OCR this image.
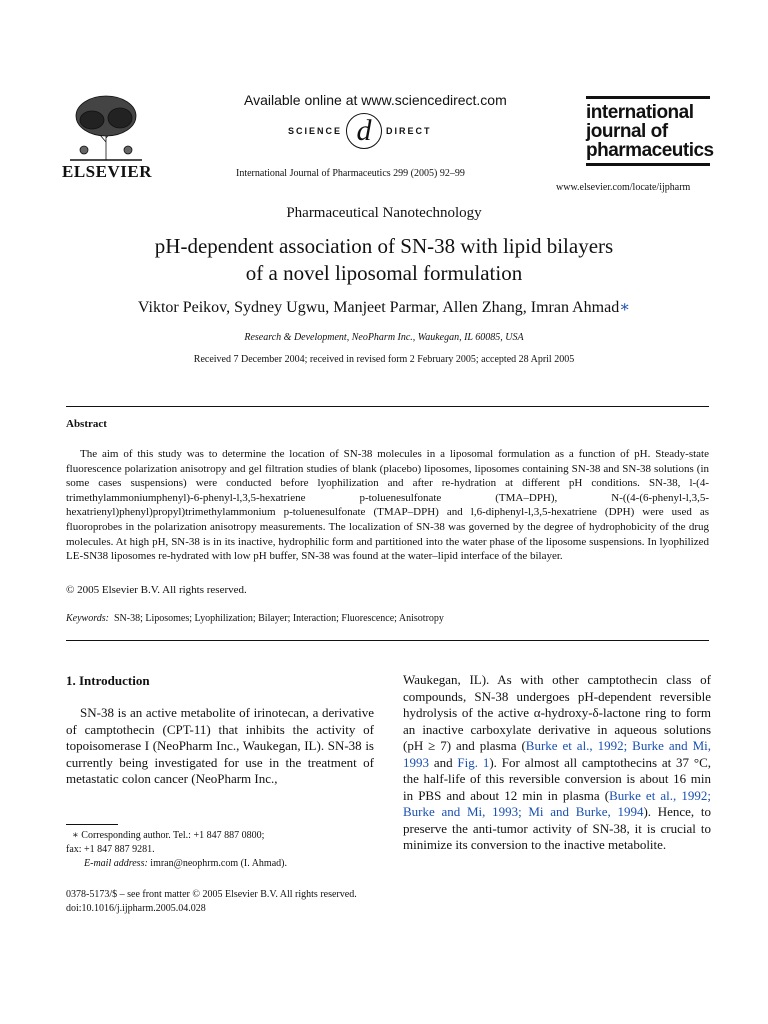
ELSEVIER
Available online at www.sciencedirect.com
SCIENCE d	DIRECT
International Journal of Pharmaceutics 299 (2005) 92–99
international
journal of
pharmaceutics
www.elsevier.com/locate/ijpharm
Pharmaceutical Nanotechnology
pH-dependent association of SN-38 with lipid bilayers
of a novel liposomal formulation
Viktor Peikov, Sydney Ugwu, Manjeet Parmar, Allen Zhang, Imran Ahmad∗
Research & Development, NeoPharm Inc., Waukegan, IL 60085, USA
Received 7 December 2004; received in revised form 2 February 2005; accepted 28 April 2005
Abstract
The aim of this study was to determine the location of SN-38 molecules in a liposomal formulation as a function of pH. Steady-state fluorescence polarization anisotropy and gel filtration studies of blank (placebo) liposomes, liposomes containing SN-38 and SN-38 solutions (in some cases suspensions) were conducted before lyophilization and after re-hydration at different pH conditions. SN-38, l-(4-trimethylammoniumphenyl)-6-phenyl-l,3,5-hexatriene p-toluenesulfonate (TMA–DPH), N-((4-(6-phenyl-l,3,5-hexatrienyl)phenyl)propyl)trimethylammonium p-toluenesulfonate (TMAP–DPH) and l,6-diphenyl-l,3,5-hexatriene (DPH) were used as fluoroprobes in the polarization anisotropy measurements. The localization of SN-38 was governed by the degree of hydrophobicity of the drug molecules. At high pH, SN-38 is in its inactive, hydrophilic form and partitioned into the water phase of the liposome suspensions. In lyophilized LE-SN38 liposomes re-hydrated with low pH buffer, SN-38 was found at the water–lipid interface of the bilayer.
© 2005 Elsevier B.V. All rights reserved.
Keywords: SN-38; Liposomes; Lyophilization; Bilayer; Interaction; Fluorescence; Anisotropy
1. Introduction
SN-38 is an active metabolite of irinotecan, a derivative of camptothecin (CPT-11) that inhibits the activity of topoisomerase I (NeoPharm Inc., Waukegan, IL). SN-38 is currently being investigated for use in the treatment of metastatic colon cancer (NeoPharm Inc.,
Waukegan, IL). As with other camptothecin class of compounds, SN-38 undergoes pH-dependent reversible hydrolysis of the active α-hydroxy-δ-lactone ring to form an inactive carboxylate derivative in aqueous solutions (pH ≥ 7) and plasma (Burke et al., 1992; Burke and Mi, 1993 and Fig. 1). For almost all camptothecins at 37 °C, the half-life of this reversible conversion is about 16 min in PBS and about 12 min in plasma (Burke et al., 1992; Burke and Mi, 1993; Mi and Burke, 1994). Hence, to preserve the anti-tumor activity of SN-38, it is crucial to minimize its conversion to the inactive metabolite.
∗ Corresponding author. Tel.: +1 847 887 0800;
fax: +1 847 887 9281.
E-mail address: imran@neophrm.com (I. Ahmad).
0378-5173/$ – see front matter © 2005 Elsevier B.V. All rights reserved.
doi:10.1016/j.ijpharm.2005.04.028
